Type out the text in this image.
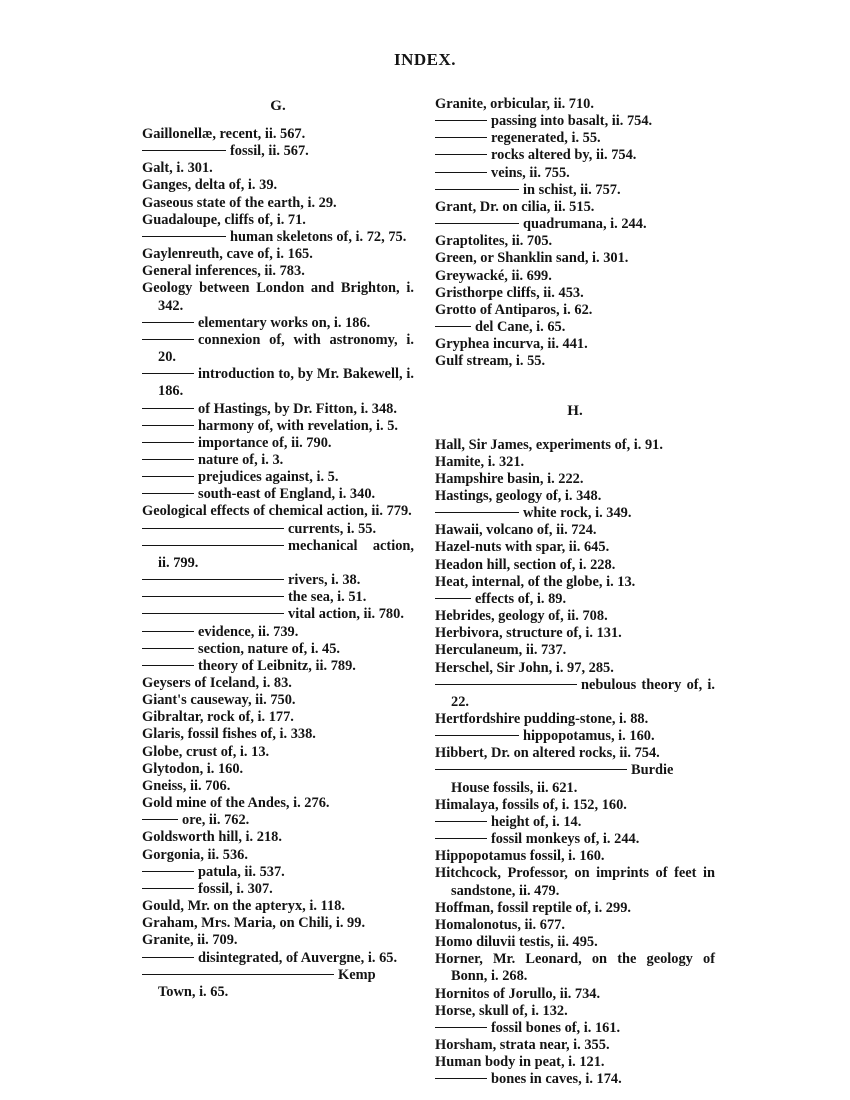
INDEX.
G.

Gaillonellæ, recent, ii. 567.

fossil, ii. 567.

Galt, i. 301.

Ganges, delta of, i. 39.

Gaseous state of the earth, i. 29.

Guadaloupe, cliffs of, i. 71.

human skeletons of, i. 72, 75.

Gaylenreuth, cave of, i. 165.

General inferences, ii. 783.

Geology between London and Brighton, i. 342.

elementary works on, i. 186.

connexion of, with astronomy, i. 20.

introduction to, by Mr. Bakewell, i. 186.

of Hastings, by Dr. Fitton, i. 348.

harmony of, with revelation, i. 5.

importance of, ii. 790.

nature of, i. 3.

prejudices against, i. 5.

south-east of England, i. 340.

Geological effects of chemical action, ii. 779.

currents, i. 55.

mechanical action, ii. 799.

rivers, i. 38.

the sea, i. 51.

vital action, ii. 780.

evidence, ii. 739.

section, nature of, i. 45.

theory of Leibnitz, ii. 789.

Geysers of Iceland, i. 83.

Giant's causeway, ii. 750.

Gibraltar, rock of, i. 177.

Glaris, fossil fishes of, i. 338.

Globe, crust of, i. 13.

Glytodon, i. 160.

Gneiss, ii. 706.

Gold mine of the Andes, i. 276.

ore, ii. 762.

Goldsworth hill, i. 218.

Gorgonia, ii. 536.

patula, ii. 537.

fossil, i. 307.

Gould, Mr. on the apteryx, i. 118.

Graham, Mrs. Maria, on Chili, i. 99.

Granite, ii. 709.

disintegrated, of Auvergne, i. 65.

Kemp Town, i. 65.

Granite, orbicular, ii. 710.

passing into basalt, ii. 754.

regenerated, i. 55.

rocks altered by, ii. 754.

veins, ii. 755.

in schist, ii. 757.

Grant, Dr. on cilia, ii. 515.

quadrumana, i. 244.

Graptolites, ii. 705.

Green, or Shanklin sand, i. 301.

Greywacké, ii. 699.

Gristhorpe cliffs, ii. 453.

Grotto of Antiparos, i. 62.

del Cane, i. 65.

Gryphea incurva, ii. 441.

Gulf stream, i. 55.

H.

Hall, Sir James, experiments of, i. 91.

Hamite, i. 321.

Hampshire basin, i. 222.

Hastings, geology of, i. 348.

white rock, i. 349.

Hawaii, volcano of, ii. 724.

Hazel-nuts with spar, ii. 645.

Headon hill, section of, i. 228.

Heat, internal, of the globe, i. 13.

effects of, i. 89.

Hebrides, geology of, ii. 708.

Herbivora, structure of, i. 131.

Herculaneum, ii. 737.

Herschel, Sir John, i. 97, 285.

nebulous theory of, i. 22.

Hertfordshire pudding-stone, i. 88.

hippopotamus, i. 160.

Hibbert, Dr. on altered rocks, ii. 754.

Burdie House fossils, ii. 621.

Himalaya, fossils of, i. 152, 160.

height of, i. 14.

fossil monkeys of, i. 244.

Hippopotamus fossil, i. 160.

Hitchcock, Professor, on imprints of feet in sandstone, ii. 479.

Hoffman, fossil reptile of, i. 299.

Homalonotus, ii. 677.

Homo diluvii testis, ii. 495.

Horner, Mr. Leonard, on the geology of Bonn, i. 268.

Hornitos of Jorullo, ii. 734.

Horse, skull of, i. 132.

fossil bones of, i. 161.

Horsham, strata near, i. 355.

Human body in peat, i. 121.

bones in caves, i. 174.
